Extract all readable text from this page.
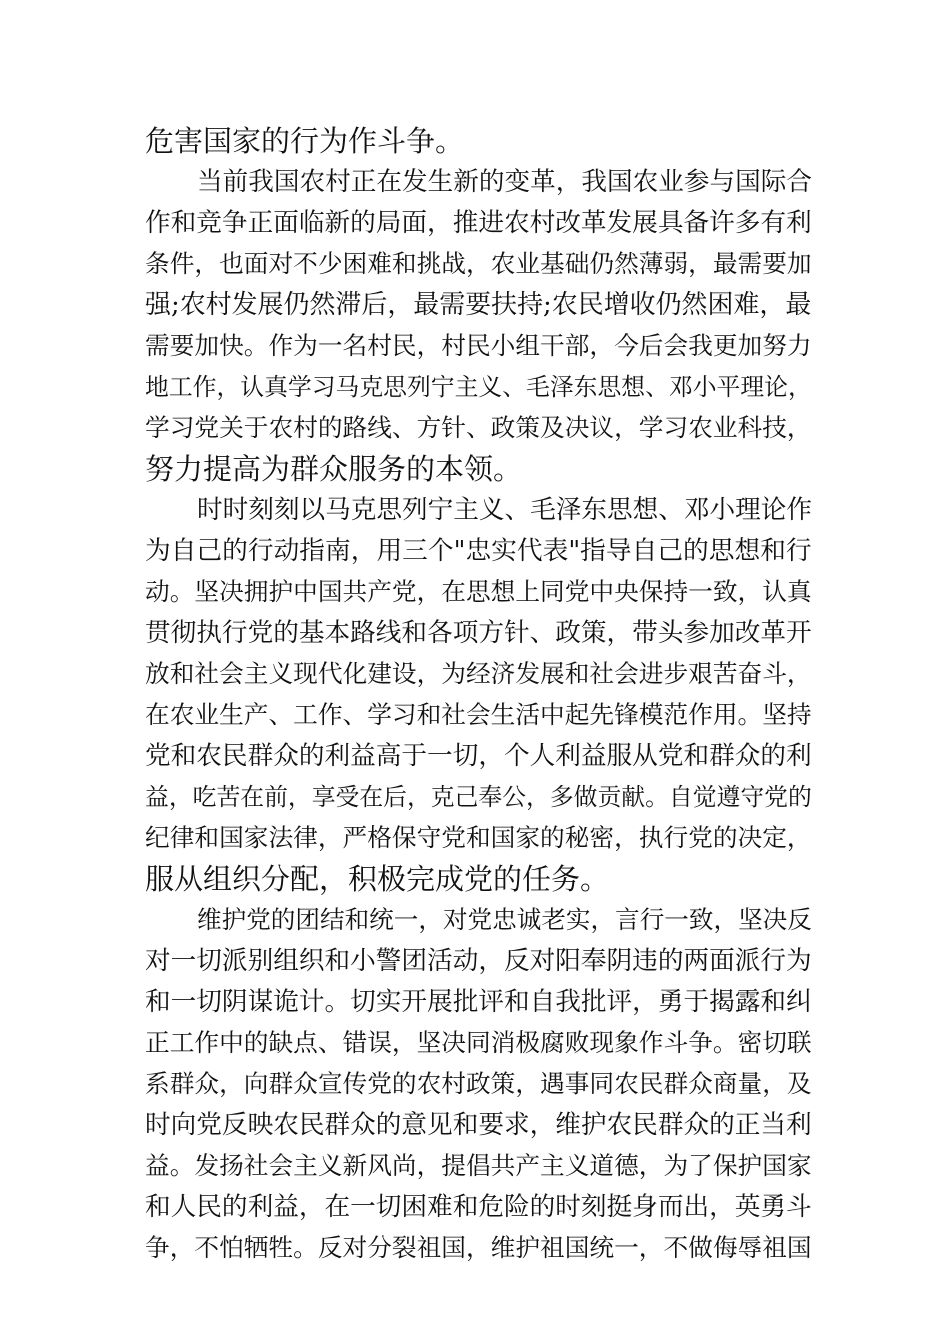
危害国家的行为作斗争。

当前我国农村正在发生新的变革，我国农业参与国际合

作和竞争正面临新的局面，推进农村改革发展具备许多有利

条件，也面对不少困难和挑战，农业基础仍然薄弱，最需要加

强;农村发展仍然滞后，最需要扶持;农民增收仍然困难，最

需要加快。作为一名村民，村民小组干部，今后会我更加努力

地工作，认真学习马克思列宁主义、毛泽东思想、邓小平理论，

学习党关于农村的路线、方针、政策及决议，学习农业科技，

努力提高为群众服务的本领。

时时刻刻以马克思列宁主义、毛泽东思想、邓小理论作

为自己的行动指南，用三个"忠实代表"指导自己的思想和行

动。坚决拥护中国共产党，在思想上同党中央保持一致，认真

贯彻执行党的基本路线和各项方针、政策，带头参加改革开

放和社会主义现代化建设，为经济发展和社会进步艰苦奋斗，

在农业生产、工作、学习和社会生活中起先锋模范作用。坚持

党和农民群众的利益高于一切，个人利益服从党和群众的利

益，吃苦在前，享受在后，克己奉公，多做贡献。自觉遵守党的

纪律和国家法律，严格保守党和国家的秘密，执行党的决定，

服从组织分配，积极完成党的任务。

维护党的团结和统一，对党忠诚老实，言行一致，坚决反

对一切派别组织和小警团活动，反对阳奉阴违的两面派行为

和一切阴谋诡计。切实开展批评和自我批评，勇于揭露和纠

正工作中的缺点、错误，坚决同消极腐败现象作斗争。密切联

系群众，向群众宣传党的农村政策，遇事同农民群众商量，及

时向党反映农民群众的意见和要求，维护农民群众的正当利

益。发扬社会主义新风尚，提倡共产主义道德，为了保护国家

和人民的利益，在一切困难和危险的时刻挺身而出，英勇斗

争，不怕牺牲。反对分裂祖国，维护祖国统一，不做侮辱祖国
